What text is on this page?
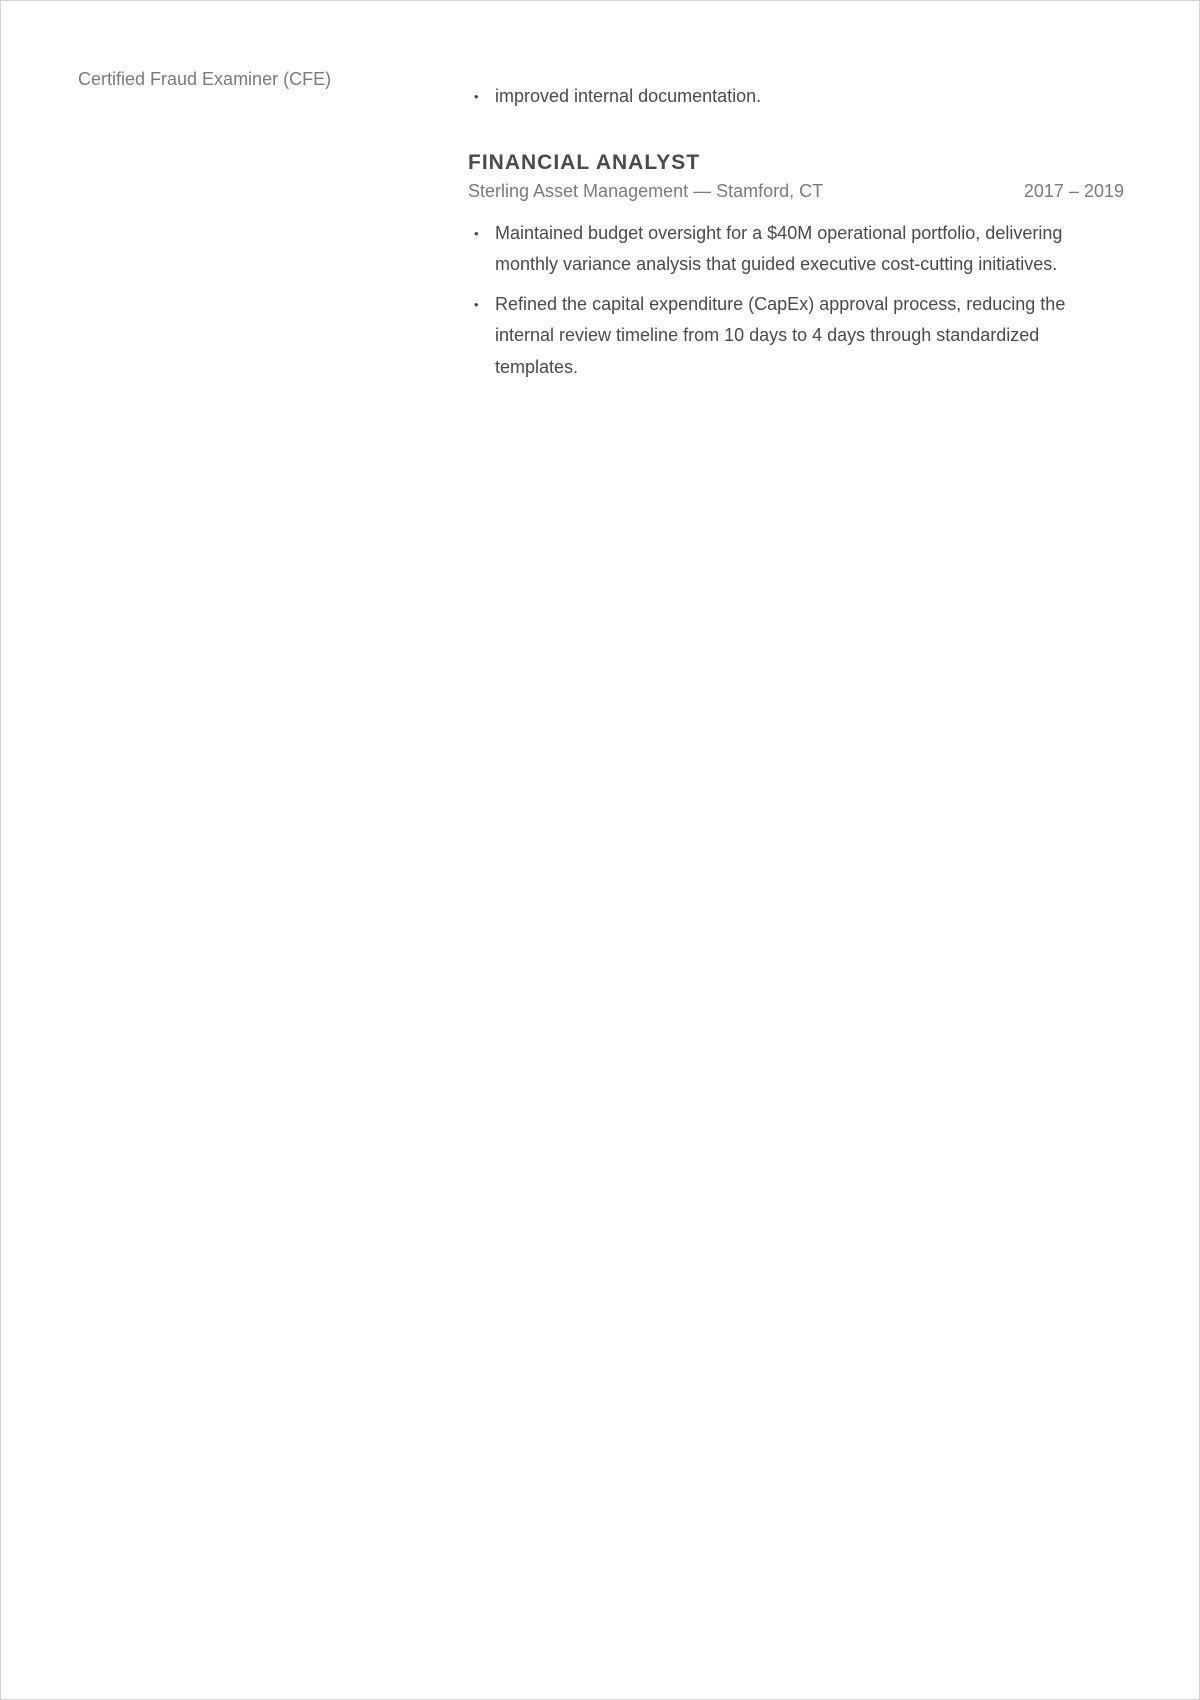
Certified Fraud Examiner (CFE)

• improved internal documentation.
FINANCIAL ANALYST
Sterling Asset Management — Stamford, CT	2017 – 2019
• Maintained budget oversight for a $40M operational portfolio, delivering monthly variance analysis that guided executive cost-cutting initiatives.
• Refined the capital expenditure (CapEx) approval process, reducing the internal review timeline from 10 days to 4 days through standardized templates.
